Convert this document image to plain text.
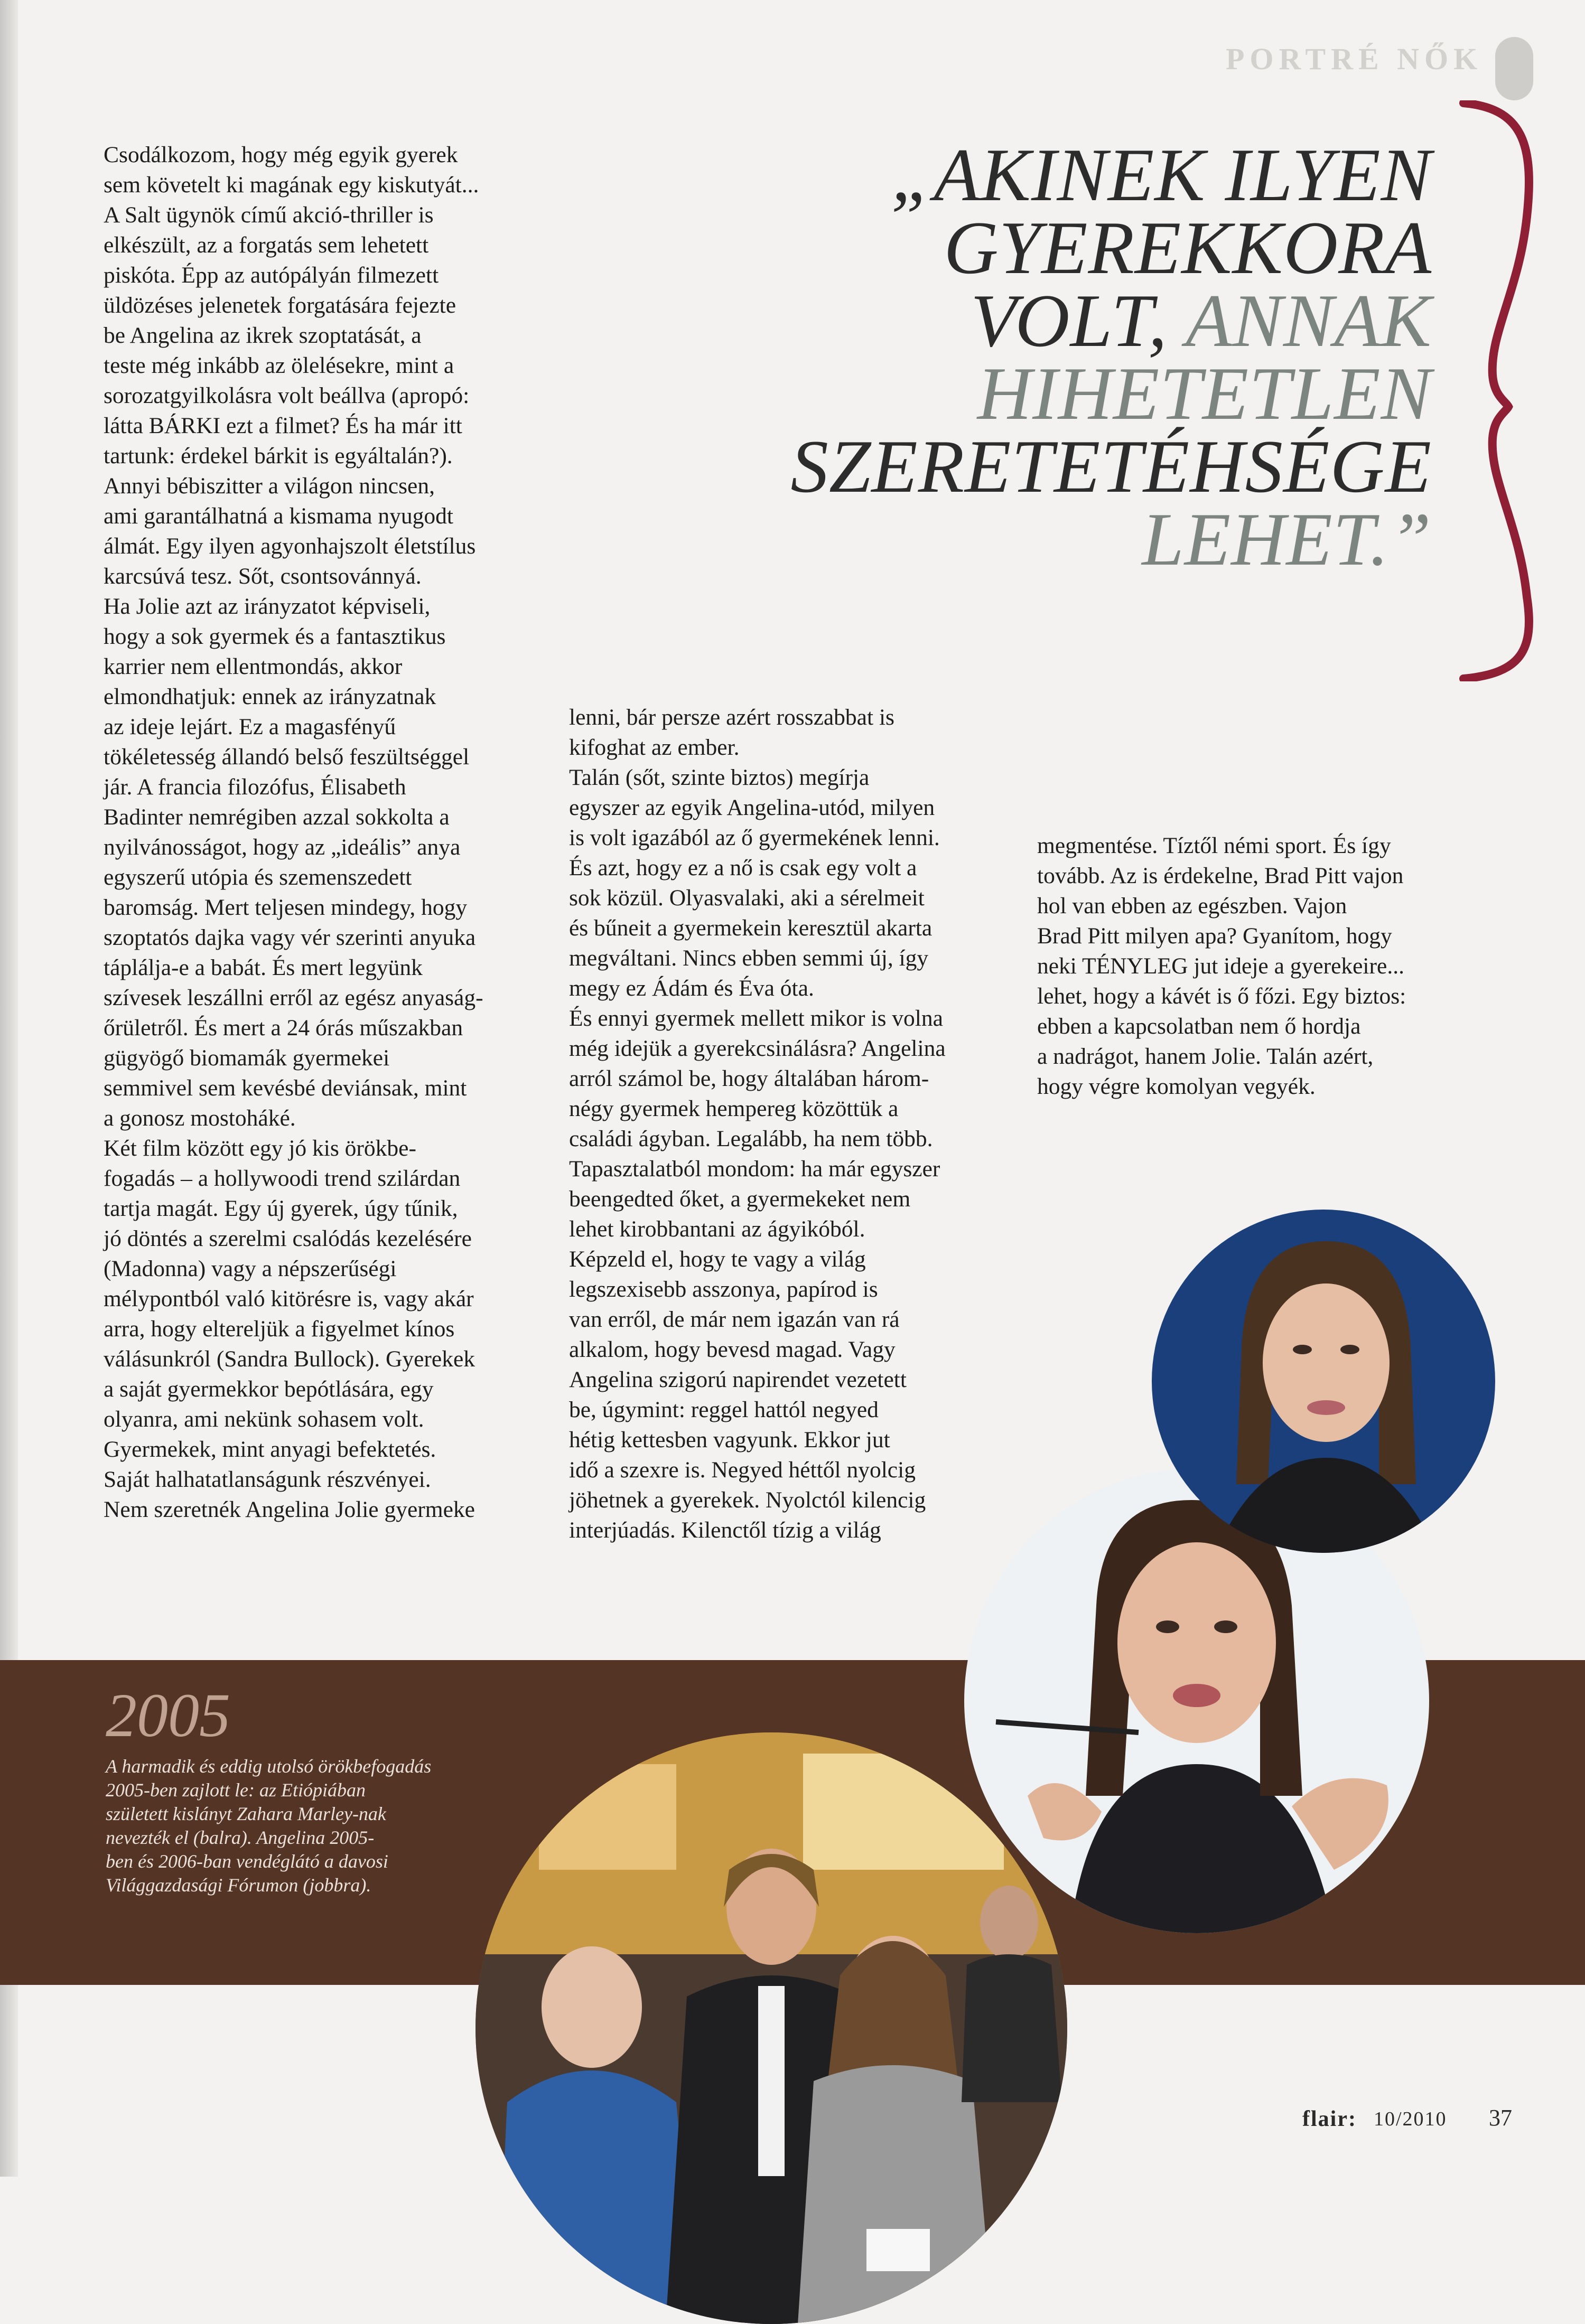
PORTRÉ NŐK
„AKINEK ILYEN
GYEREKKORA
VOLT, ANNAK
HIHETETLEN
SZERETETÉHSÉGE
LEHET.”
Csodálkozom, hogy még egyik gyerek
sem követelt ki magának egy kiskutyát...
A Salt ügynök című akció-thriller is
elkészült, az a forgatás sem lehetett
piskóta. Épp az autópályán filmezett
üldözéses jelenetek forgatására fejezte
be Angelina az ikrek szoptatását, a
teste még inkább az ölelésekre, mint a
sorozatgyilkolásra volt beállva (apropó:
látta BÁRKI ezt a filmet? És ha már itt
tartunk: érdekel bárkit is egyáltalán?).
Annyi bébiszitter a világon nincsen,
ami garantálhatná a kismama nyugodt
álmát. Egy ilyen agyonhajszolt életstílus
karcsúvá tesz. Sőt, csontsovánnyá.
Ha Jolie azt az irányzatot képviseli,
hogy a sok gyermek és a fantasztikus
karrier nem ellentmondás, akkor
elmondhatjuk: ennek az irányzatnak
az ideje lejárt. Ez a magasfényű
tökéletesség állandó belső feszültséggel
jár. A francia filozófus, Élisabeth
Badinter nemrégiben azzal sokkolta a
nyilvánosságot, hogy az „ideális” anya
egyszerű utópia és szemenszedett
baromság. Mert teljesen mindegy, hogy
szoptatós dajka vagy vér szerinti anyuka
táplálja-e a babát. És mert legyünk
szívesek leszállni erről az egész anyaság-
őrületről. És mert a 24 órás műszakban
gügyögő biomamák gyermekei
semmivel sem kevésbé deviánsak, mint
a gonosz mostoháké.
Két film között egy jó kis örökbe-
fogadás – a hollywoodi trend szilárdan
tartja magát. Egy új gyerek, úgy tűnik,
jó döntés a szerelmi csalódás kezelésére
(Madonna) vagy a népszerűségi
mélypontból való kitörésre is, vagy akár
arra, hogy elterelјük a figyelmet kínos
válásunkról (Sandra Bullock). Gyerekek
a saját gyermekkor bepótlására, egy
olyanra, ami nekünk sohasem volt.
Gyermekek, mint anyagi befektetés.
Saját halhatatlanságunk részvényei.
Nem szeretnék Angelina Jolie gyermeke
lenni, bár persze azért rosszabbat is
kifoghat az ember.
Talán (sőt, szinte biztos) megírja
egyszer az egyik Angelina-utód, milyen
is volt igazából az ő gyermekének lenni.
És azt, hogy ez a nő is csak egy volt a
sok közül. Olyasvalaki, aki a sérelmeit
és bűneit a gyermekein keresztül akarta
megváltani. Nincs ebben semmi új, így
megy ez Ádám és Éva óta.
És ennyi gyermek mellett mikor is volna
még idejük a gyerekcsinálásra? Angelina
arról számol be, hogy általában három-
négy gyermek hempereg közöttük a
családi ágyban. Legalább, ha nem több.
Tapasztalatból mondom: ha már egyszer
beengedted őket, a gyermekeket nem
lehet kirobbantani az ágyikóból.
Képzeld el, hogy te vagy a világ
legszexisebb asszonya, papírod is
van erről, de már nem igazán van rá
alkalom, hogy bevesd magad. Vagy
Angelina szigorú napirendet vezetett
be, úgymint: reggel hattól negyed
hétig kettesben vagyunk. Ekkor jut
idő a szexre is. Negyed héttől nyolcig
jöhetnek a gyerekek. Nyolctól kilencig
interjúadás. Kilenctől tízig a világ
megmentése. Tíztől némi sport. És így
tovább. Az is érdekelne, Brad Pitt vajon
hol van ebben az egészben. Vajon
Brad Pitt milyen apa? Gyanítom, hogy
neki TÉNYLEG jut ideje a gyerekeire...
lehet, hogy a kávét is ő főzi. Egy biztos:
ebben a kapcsolatban nem ő hordja
a nadrágot, hanem Jolie. Talán azért,
hogy végre komolyan vegyék.
2005
A harmadik és eddig utolsó örökbefogadás
2005-ben zajlott le: az Etiópiában
született kislányt Zahara Marley-nak
nevezték el (balra). Angelina 2005-
ben és 2006-ban vendéglátó a davosi
Világgazdasági Fórumon (jobbra).
flair: 10/2010 37
